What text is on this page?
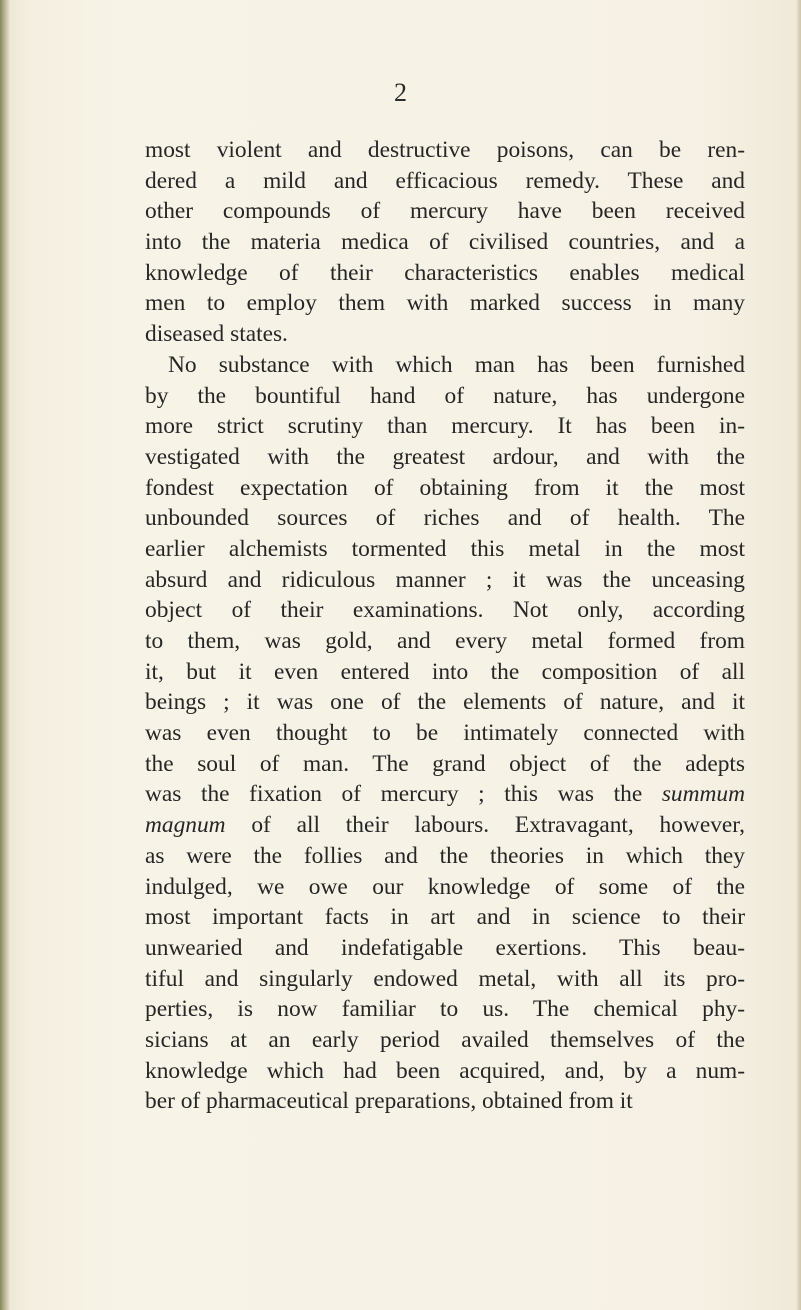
2

most violent and destructive poisons, can be ren-
dered a mild and efficacious remedy. These and
other compounds of mercury have been received
into the materia medica of civilised countries, and a
knowledge of their characteristics enables medical
men to employ them with marked success in many
diseased states.
No substance with which man has been furnished
by the bountiful hand of nature, has undergone
more strict scrutiny than mercury. It has been in-
vestigated with the greatest ardour, and with the
fondest expectation of obtaining from it the most
unbounded sources of riches and of health. The
earlier alchemists tormented this metal in the most
absurd and ridiculous manner ; it was the unceasing
object of their examinations. Not only, according
to them, was gold, and every metal formed from
it, but it even entered into the composition of all
beings ; it was one of the elements of nature, and it
was even thought to be intimately connected with
the soul of man. The grand object of the adepts
was the fixation of mercury ; this was the summum
magnum of all their labours. Extravagant, however,
as were the follies and the theories in which they
indulged, we owe our knowledge of some of the
most important facts in art and in science to their
unwearied and indefatigable exertions. This beau-
tiful and singularly endowed metal, with all its pro-
perties, is now familiar to us. The chemical phy-
sicians at an early period availed themselves of the
knowledge which had been acquired, and, by a num-
ber of pharmaceutical preparations, obtained from it
